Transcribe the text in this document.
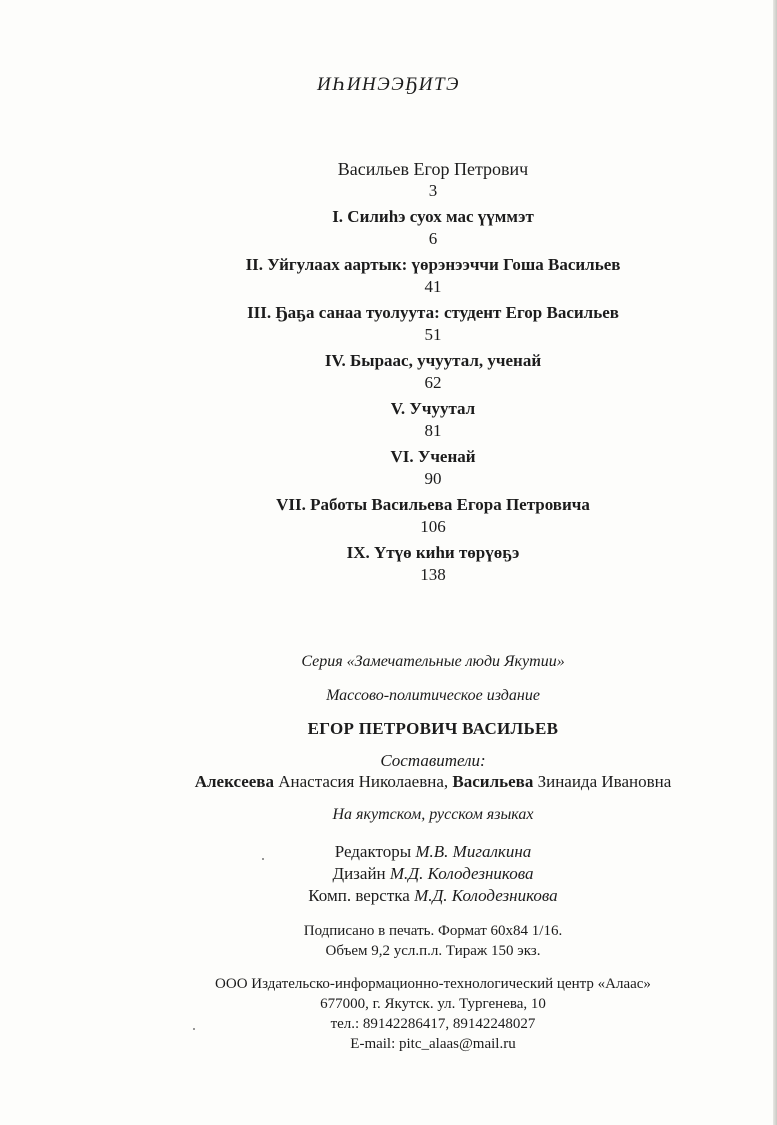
ИҺИНЭЭҔИТЭ
Васильев Егор Петрович
3
I. Силиһэ суох мас үүммэт
6
II. Уйгулаах аартык: үөрэнээччи Гоша Васильев
41
III. Ҕаҕа санаа туолуута: студент Егор Васильев
51
IV. Быраас, учуутал, ученай
62
V. Учуутал
81
VI. Ученай
90
VII. Работы Васильева Егора Петровича
106
IX. Үтүө киһи төрүөҕэ
138
Серия «Замечательные люди Якутии»
Массово-политическое издание
ЕГОР ПЕТРОВИЧ ВАСИЛЬЕВ
Составители:
Алексеева Анастасия Николаевна, Васильева Зинаида Ивановна
На якутском, русском языках
Редакторы М.В. Мигалкина
Дизайн М.Д. Колодезникова
Комп. верстка М.Д. Колодезникова
Подписано в печать. Формат 60x84 1/16.
Объем 9,2 усл.п.л. Тираж 150 экз.
ООО Издательско-информационно-технологический центр «Алаас»
677000, г. Якутск. ул. Тургенева, 10
тел.: 89142286417, 89142248027
E-mail: pitc_alaas@mail.ru
